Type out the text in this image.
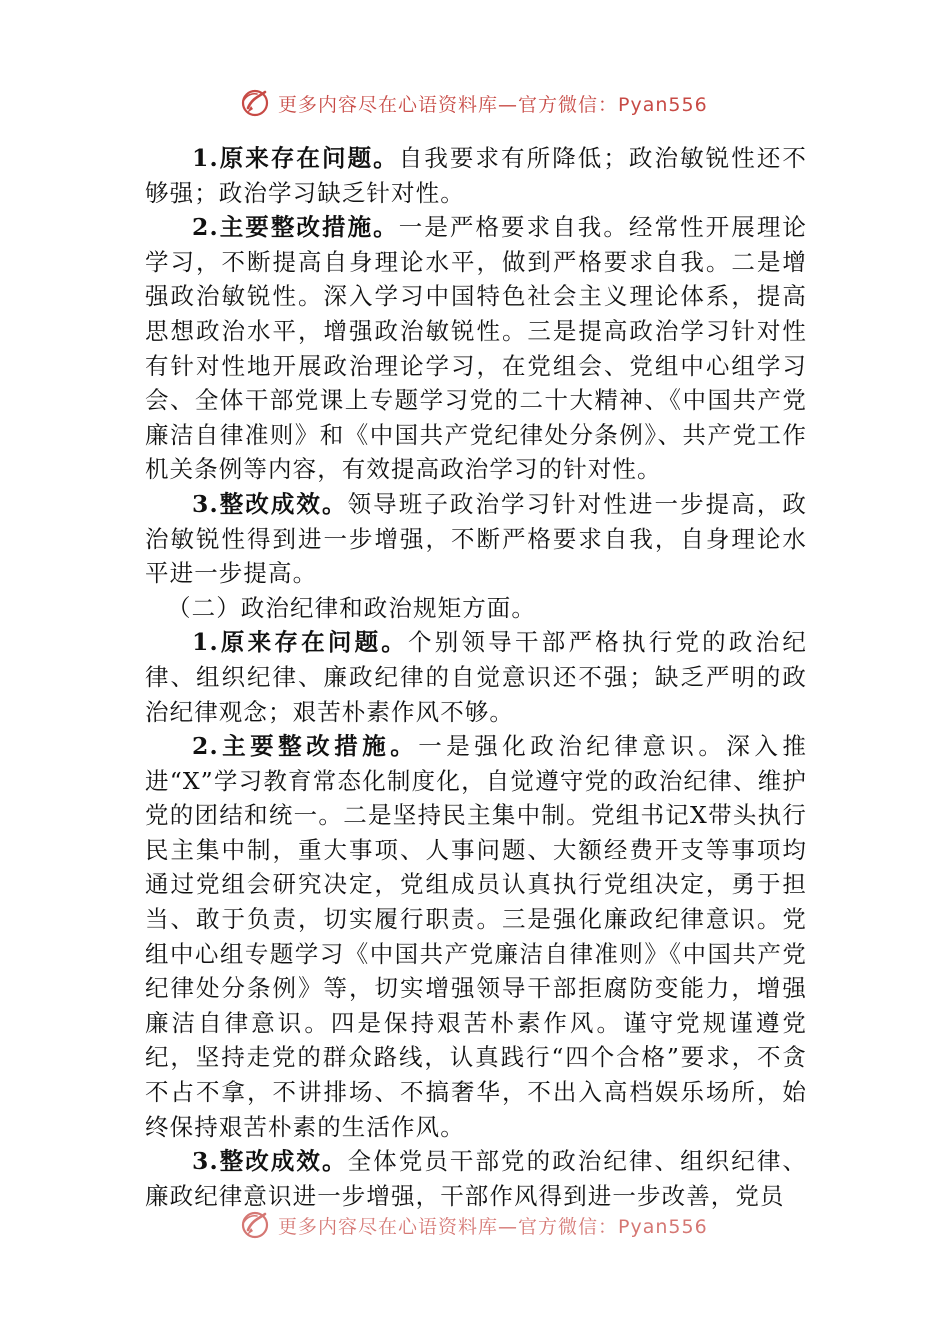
更多内容尽在心语资料库—官方微信：Pyan556

1.原来存在问题。自我要求有所降低；政治敏锐性还不够强；政治学习缺乏针对性。

2.主要整改措施。一是严格要求自我。经常性开展理论学习，不断提高自身理论水平，做到严格要求自我。二是增强政治敏锐性。深入学习中国特色社会主义理论体系，提高思想政治水平，增强政治敏锐性。三是提高政治学习针对性有针对性地开展政治理论学习，在党组会、党组中心组学习会、全体干部党课上专题学习党的二十大精神、《中国共产党廉洁自律准则》和《中国共产党纪律处分条例》、共产党工作机关条例等内容，有效提高政治学习的针对性。

3.整改成效。领导班子政治学习针对性进一步提高，政治敏锐性得到进一步增强，不断严格要求自我，自身理论水平进一步提高。

（二）政治纪律和政治规矩方面。

1.原来存在问题。个别领导干部严格执行党的政治纪律、组织纪律、廉政纪律的自觉意识还不强；缺乏严明的政治纪律观念；艰苦朴素作风不够。

2.主要整改措施。一是强化政治纪律意识。深入推进“X”学习教育常态化制度化，自觉遵守党的政治纪律、维护党的团结和统一。二是坚持民主集中制。党组书记X带头执行民主集中制，重大事项、人事问题、大额经费开支等事项均通过党组会研究决定，党组成员认真执行党组决定，勇于担当、敢于负责，切实履行职责。三是强化廉政纪律意识。党组中心组专题学习《中国共产党廉洁自律准则》《中国共产党纪律处分条例》等，切实增强领导干部拒腐防变能力，增强廉洁自律意识。四是保持艰苦朴素作风。谨守党规谨遵党纪，坚持走党的群众路线，认真践行“四个合格”要求，不贪不占不拿，不讲排场、不搞奢华，不出入高档娱乐场所，始终保持艰苦朴素的生活作风。

3.整改成效。全体党员干部党的政治纪律、组织纪律、廉政纪律意识进一步增强，干部作风得到进一步改善，党员

更多内容尽在心语资料库—官方微信：Pyan556
